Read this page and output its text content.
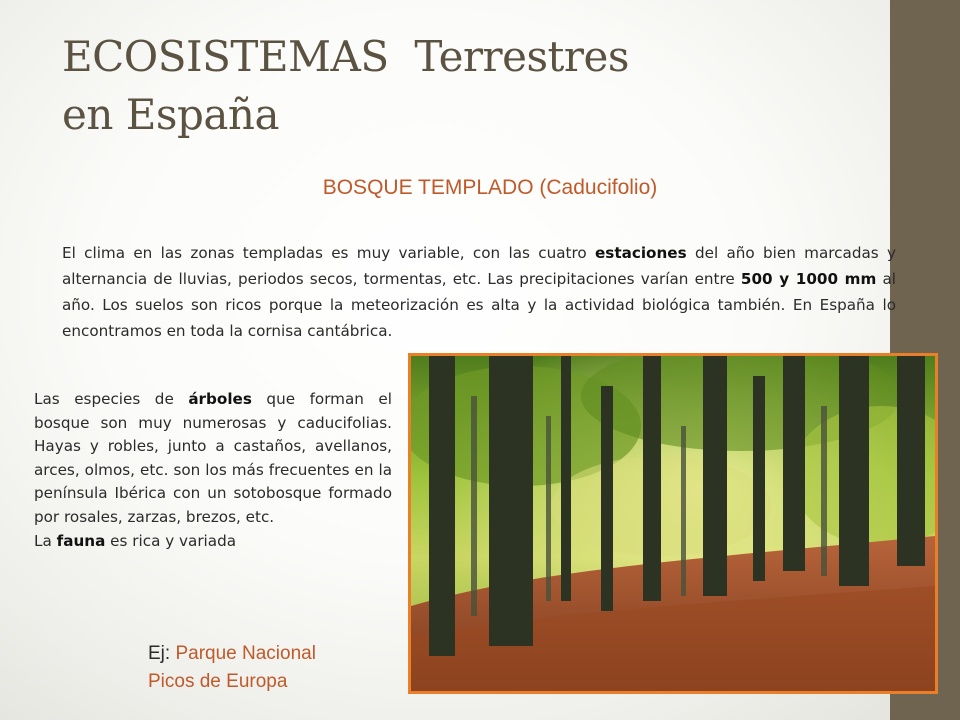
ECOSISTEMAS  Terrestres
en España
BOSQUE TEMPLADO (Caducifolio)

El clima en las zonas templadas es muy variable, con las cuatro estaciones del año bien marcadas y alternancia de lluvias, periodos secos, tormentas, etc. Las precipitaciones varían entre 500 y 1000 mm al año. Los suelos son ricos porque la meteorización es alta y la actividad biológica también. En España lo encontramos en toda la cornisa cantábrica.

Las especies de árboles que forman el bosque son muy numerosas y caducifolias. Hayas y robles, junto a castaños, avellanos, arces, olmos, etc. son los más frecuentes en la península Ibérica con un sotobosque formado por rosales, zarzas, brezos, etc.
La fauna es rica y variada

Ej: Parque Nacional
Picos de Europa
